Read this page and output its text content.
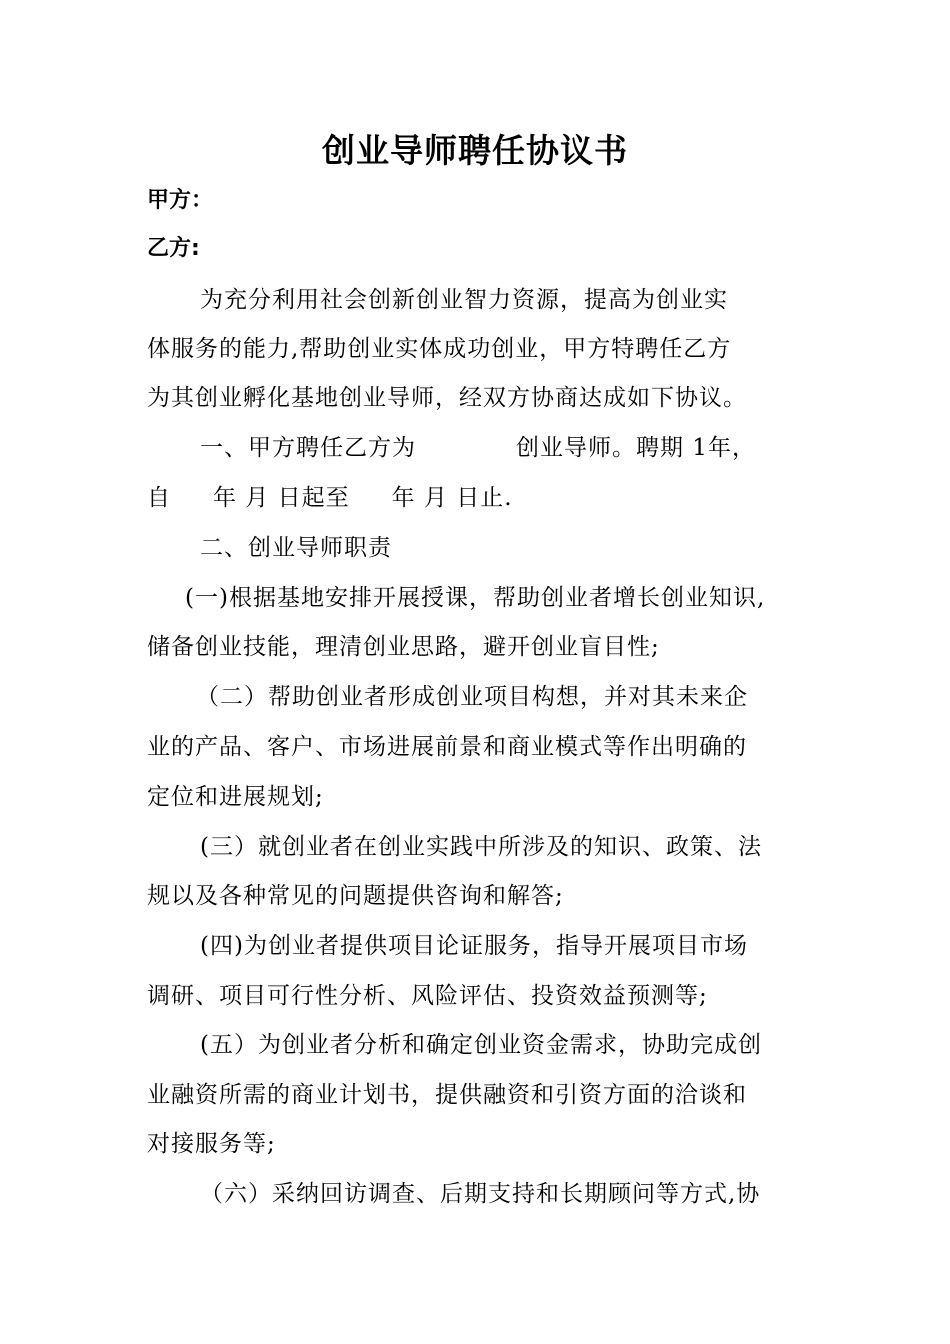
创业导师聘任协议书
甲方：
乙方:
为充分利用社会创新创业智力资源，提高为创业实
体服务的能力,帮助创业实体成功创业，甲方特聘任乙方
为其创业孵化基地创业导师，经双方协商达成如下协议。
一、甲方聘任乙方为	创业导师。聘期 1年，
自 年 月 日起至 年 月 日止.
二、创业导师职责
(一)根据基地安排开展授课，帮助创业者增长创业知识,
储备创业技能，理清创业思路，避开创业盲目性;
（二）帮助创业者形成创业项目构想，并对其未来企
业的产品、客户、市场进展前景和商业模式等作出明确的
定位和进展规划;
(三）就创业者在创业实践中所涉及的知识、政策、法
规以及各种常见的问题提供咨询和解答;
(四)为创业者提供项目论证服务，指导开展项目市场
调研、项目可行性分析、风险评估、投资效益预测等;
(五）为创业者分析和确定创业资金需求，协助完成创
业融资所需的商业计划书，提供融资和引资方面的洽谈和
对接服务等;
（六）采纳回访调查、后期支持和长期顾问等方式,协
